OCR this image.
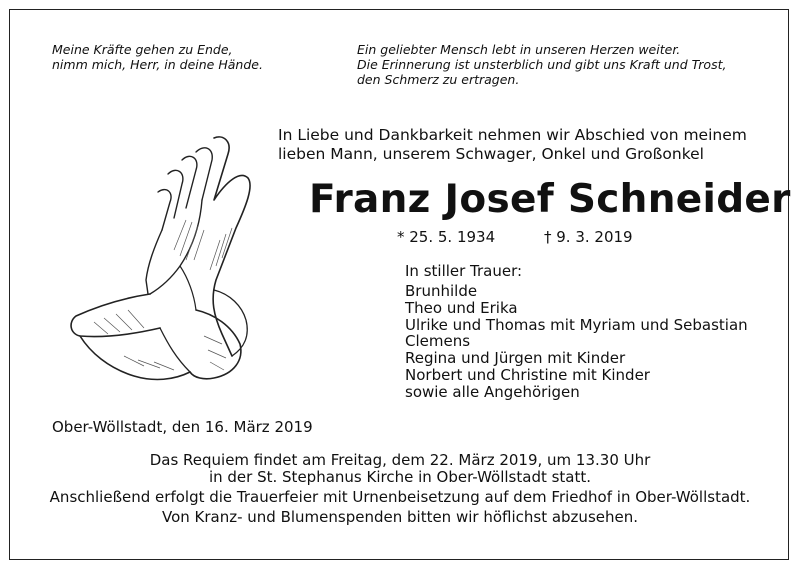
Meine Kräfte gehen zu Ende,
nimm mich, Herr, in deine Hände.
Ein geliebter Mensch lebt in unseren Herzen weiter.
Die Erinnerung ist unsterblich und gibt uns Kraft und Trost,
den Schmerz zu ertragen.
In Liebe und Dankbarkeit nehmen wir Abschied von meinem
lieben Mann, unserem Schwager, Onkel und Großonkel
Franz Josef Schneider
* 25. 5. 1934	† 9. 3. 2019
In stiller Trauer:
Brunhilde
Theo und Erika
Ulrike und Thomas mit Myriam und Sebastian
Clemens
Regina und Jürgen mit Kinder
Norbert und Christine mit Kinder
sowie alle Angehörigen
Ober-Wöllstadt, den 16. März 2019
Das Requiem findet am Freitag, dem 22. März 2019, um 13.30 Uhr
in der St. Stephanus Kirche in Ober-Wöllstadt statt.
Anschließend erfolgt die Trauerfeier mit Urnenbeisetzung auf dem Friedhof in Ober-Wöllstadt.
Von Kranz- und Blumenspenden bitten wir höflichst abzusehen.
